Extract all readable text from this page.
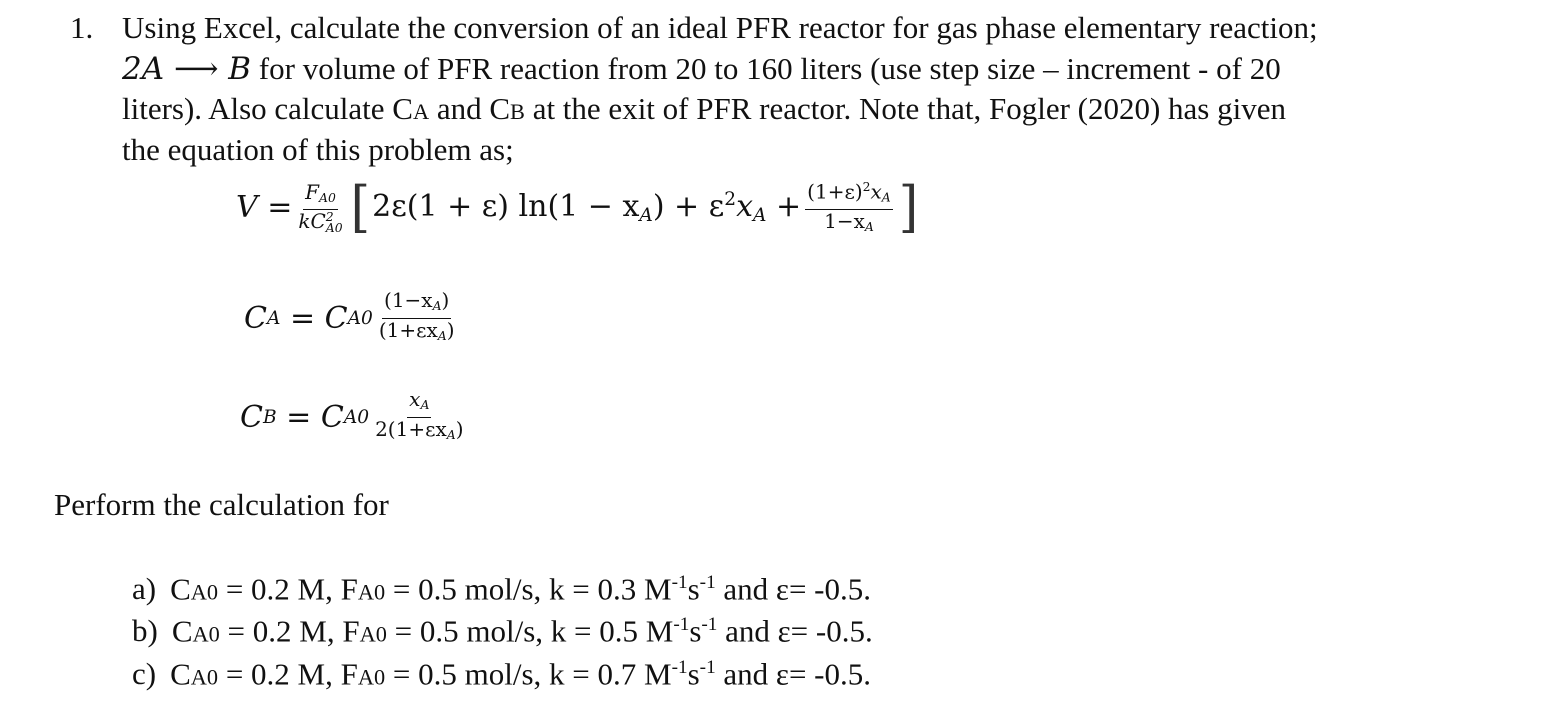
1. Using Excel, calculate the conversion of an ideal PFR reactor for gas phase elementary reaction;
2A ⟶ B for volume of PFR reaction from 20 to 160 liters (use step size – increment - of 20
liters). Also calculate CA and CB at the exit of PFR reactor. Note that, Fogler (2020) has given
the equation of this problem as;
$V = F_{A0}$
kC 2
A0 [ 2ε(1 + ε) $\ln(1 - x_A) + \varepsilon^2x_A + \frac{(1+\varepsilon)^2x_A}{1-x_A}$ ]
C A = C $A0 \frac{(1-x_A)}{(1+\varepsilon x_A)}$
C B = C $A0 \frac{x_A}{2(1+\varepsilon x_A)}$
Perform the calculation for
a) CA0 = 0.2 M, FA0 = 0.5 mol/s, k = 0.3 $M^{-1}s^{-1}$ and ε= -0.5.
b) CA0 = 0.2 M, FA0 = 0.5 mol/s, k = 0.5 $M^{-1}s^{-1}$ and ε= -0.5.
c) CA0 = 0.2 M, FA0 = 0.5 mol/s, k = 0.7 $M^{-1}s^{-1}$ and ε= -0.5.
